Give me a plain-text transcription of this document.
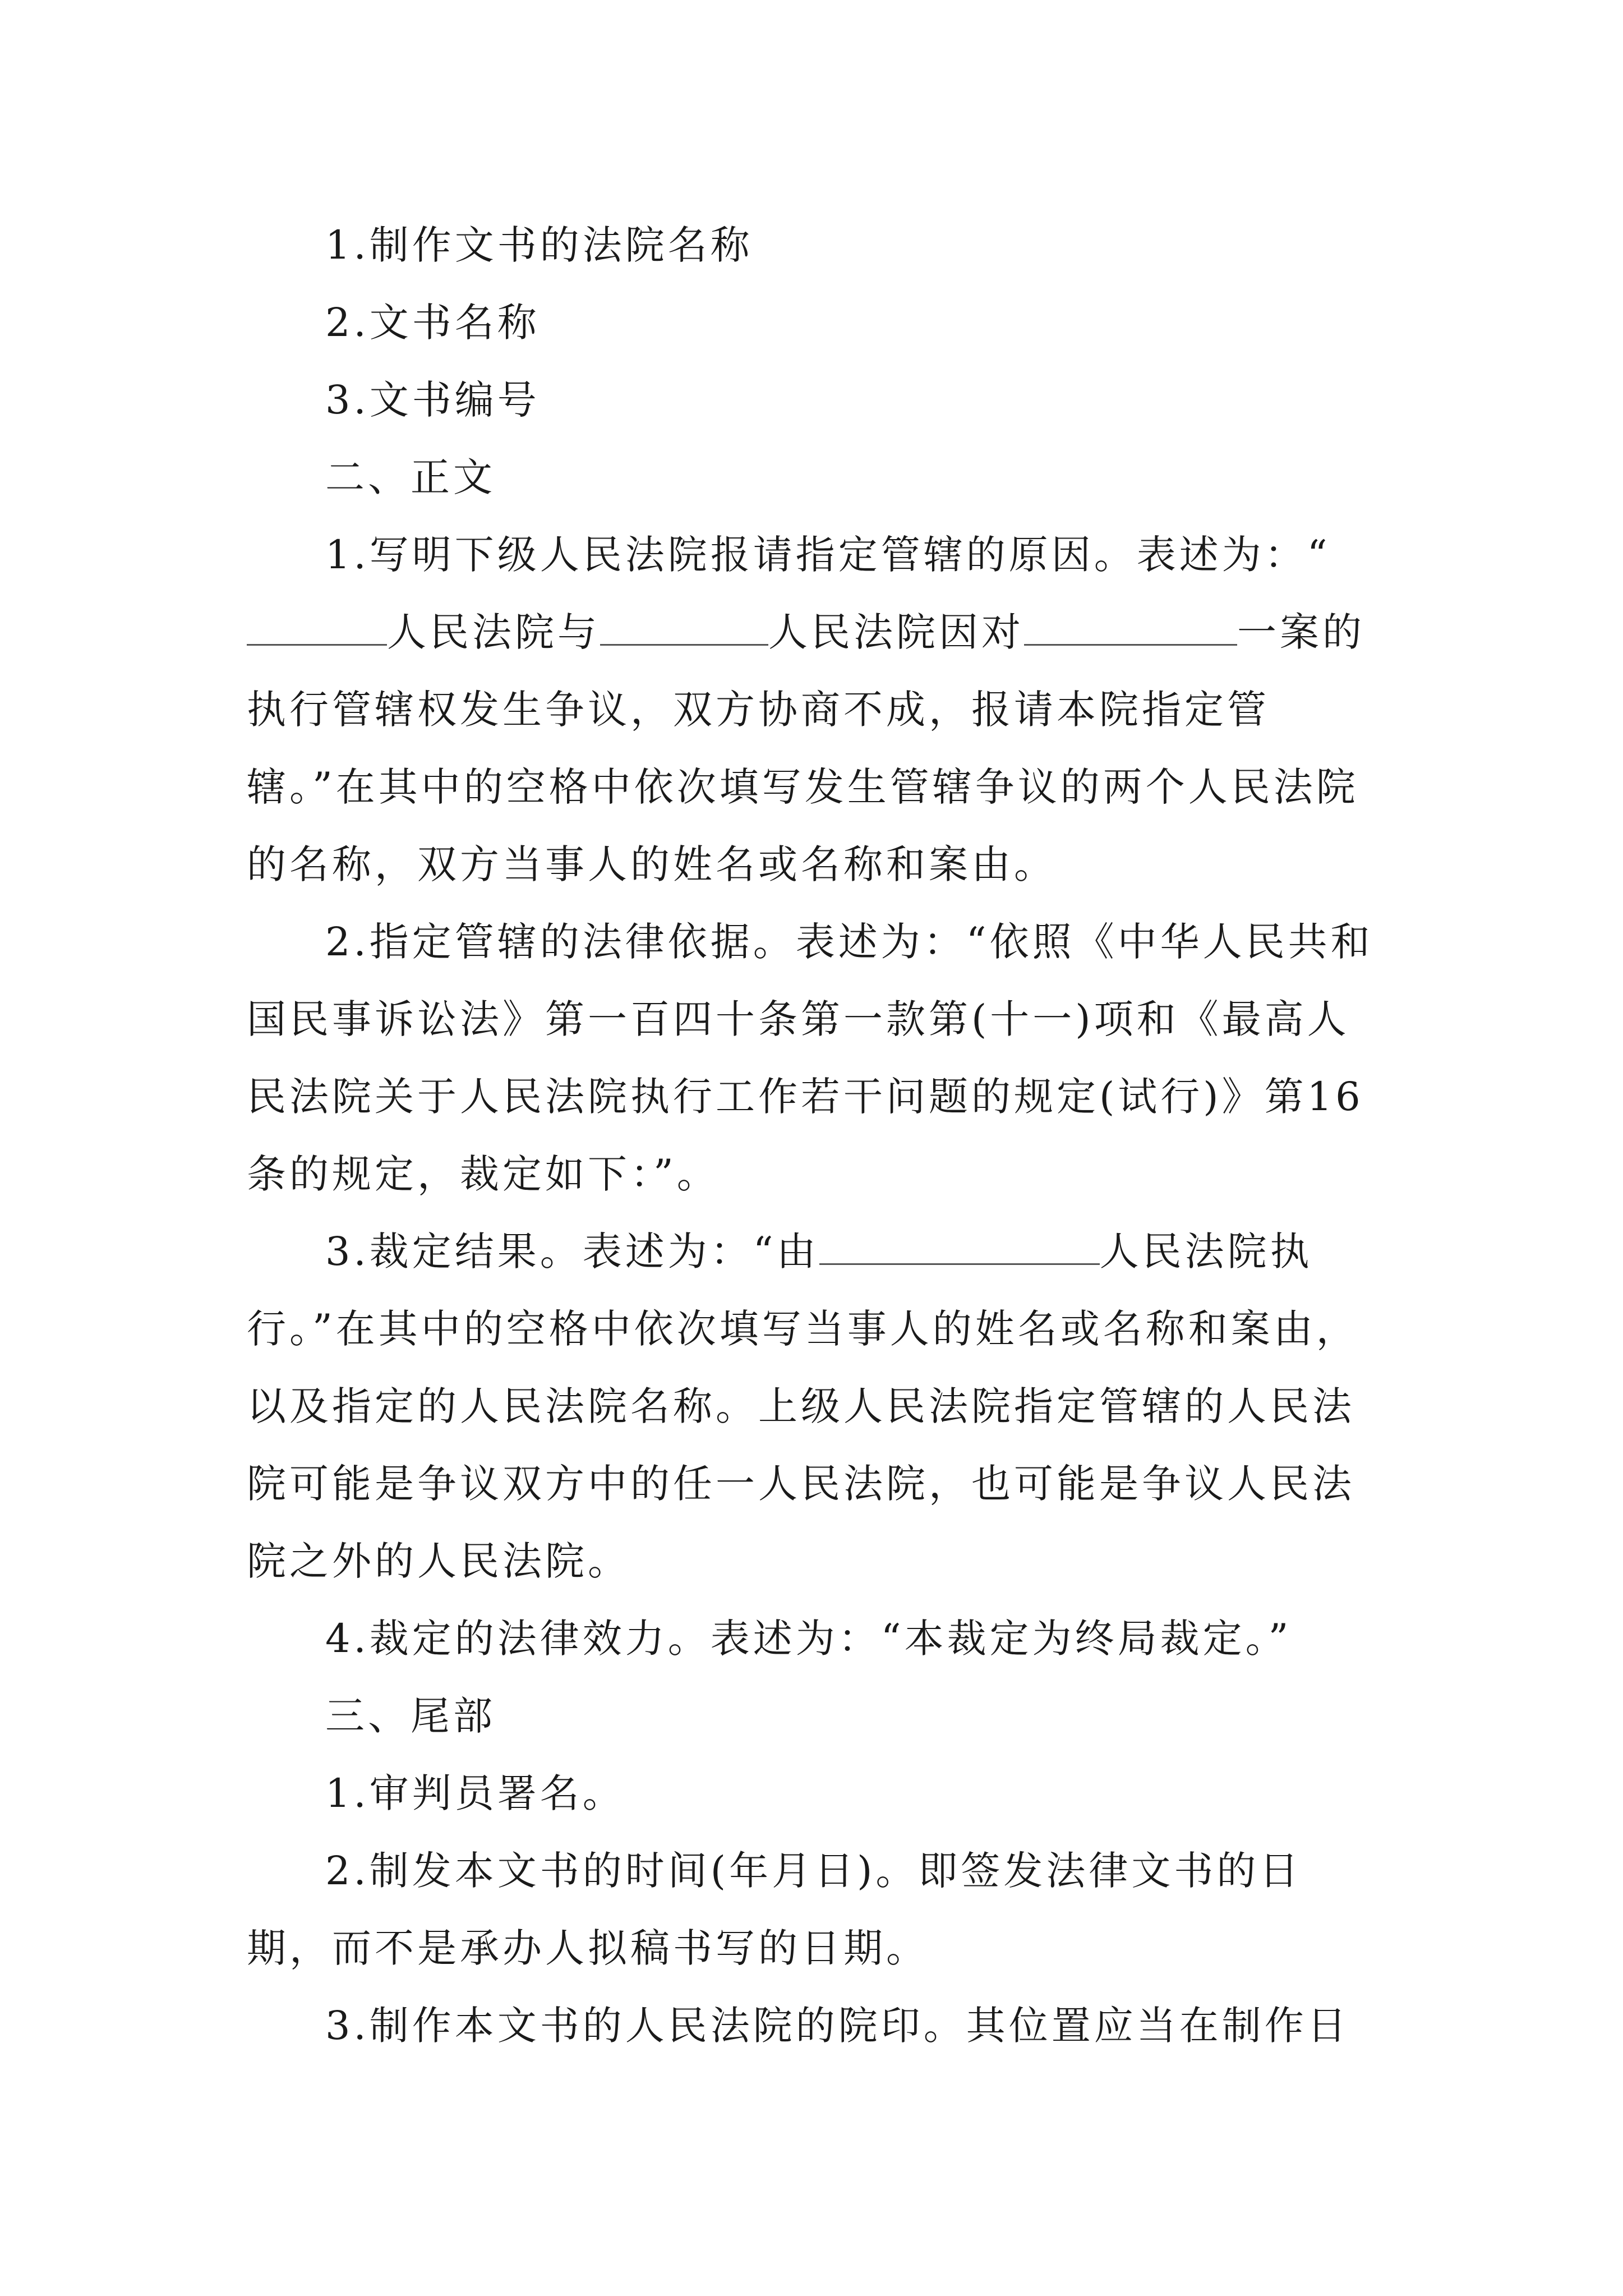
1.制作文书的法院名称

2.文书名称

3.文书编号

二、正文

1.写明下级人民法院报请指定管辖的原因。表述为：“人民法院与	人民法院因对	一案的执行管辖权发生争议，双方协商不成，报请本院指定管辖。”在其中的空格中依次填写发生管辖争议的两个人民法院的名称，双方当事人的姓名或名称和案由。

2.指定管辖的法律依据。表述为：“依照《中华人民共和国民事诉讼法》第一百四十条第一款第(十一)项和《最高人民法院关于人民法院执行工作若干问题的规定(试行)》第16条的规定，裁定如下：”。

3.裁定结果。表述为：“由	人民法院执行。”在其中的空格中依次填写当事人的姓名或名称和案由，以及指定的人民法院名称。上级人民法院指定管辖的人民法院可能是争议双方中的任一人民法院，也可能是争议人民法院之外的人民法院。

4.裁定的法律效力。表述为：“本裁定为终局裁定。”

三、尾部

1.审判员署名。

2.制发本文书的时间(年月日)。即签发法律文书的日期，而不是承办人拟稿书写的日期。

3.制作本文书的人民法院的院印。其位置应当在制作日
